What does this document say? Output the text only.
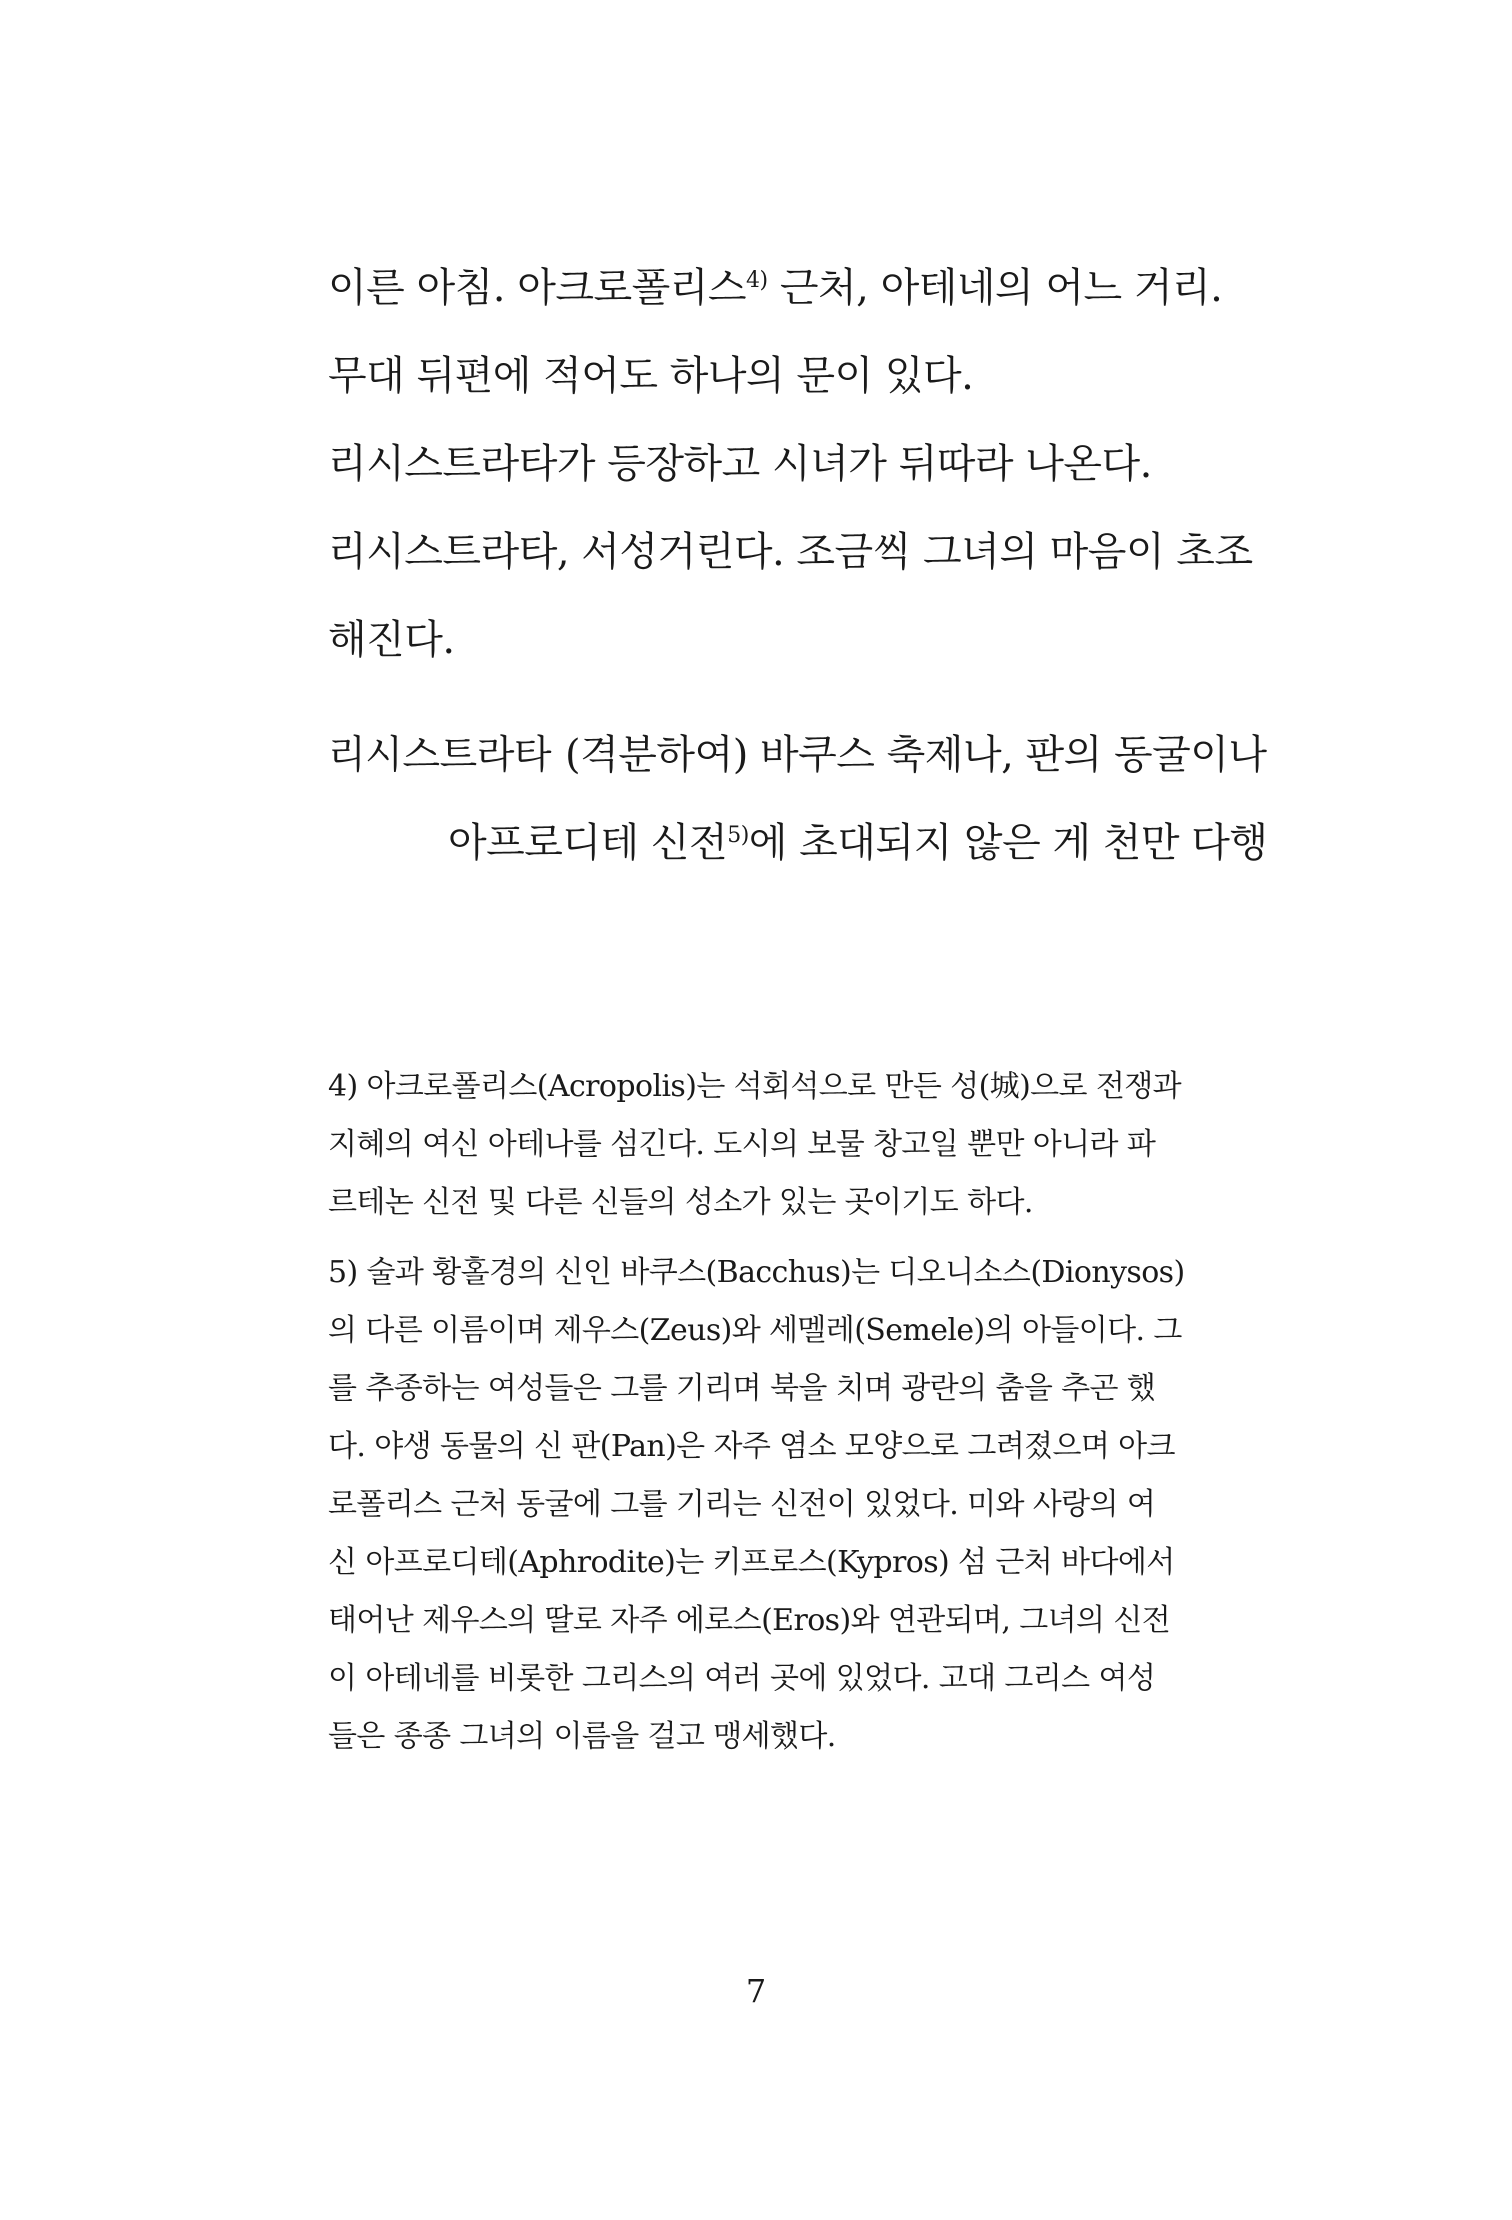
이른 아침. 아크로폴리스$^{4)}$ 근처, 아테네의 어느 거리.
무대 뒤편에 적어도 하나의 문이 있다.
리시스트라타가 등장하고 시녀가 뒤따라 나온다.
리시스트라타, 서성거린다. 조금씩 그녀의 마음이 초조
해진다.
리시스트라타 (격분하여) 바쿠스 축제나, 판의 동굴이나
아프로디테 신전$^{5)}$에 초대되지 않은 게 천만 다행
4) 아크로폴리스(Acropolis)는 석회석으로 만든 성(城)으로 전쟁과
지혜의 여신 아테나를 섬긴다. 도시의 보물 창고일 뿐만 아니라 파
르테논 신전 및 다른 신들의 성소가 있는 곳이기도 하다.
5) 술과 황홀경의 신인 바쿠스(Bacchus)는 디오니소스(Dionysos)
의 다른 이름이며 제우스(Zeus)와 세멜레(Semele)의 아들이다. 그
를 추종하는 여성들은 그를 기리며 북을 치며 광란의 춤을 추곤 했
다. 야생 동물의 신 판(Pan)은 자주 염소 모양으로 그려졌으며 아크
로폴리스 근처 동굴에 그를 기리는 신전이 있었다. 미와 사랑의 여
신 아프로디테(Aphrodite)는 키프로스(Kypros) 섬 근처 바다에서
태어난 제우스의 딸로 자주 에로스(Eros)와 연관되며, 그녀의 신전
이 아테네를 비롯한 그리스의 여러 곳에 있었다. 고대 그리스 여성
들은 종종 그녀의 이름을 걸고 맹세했다.
7
